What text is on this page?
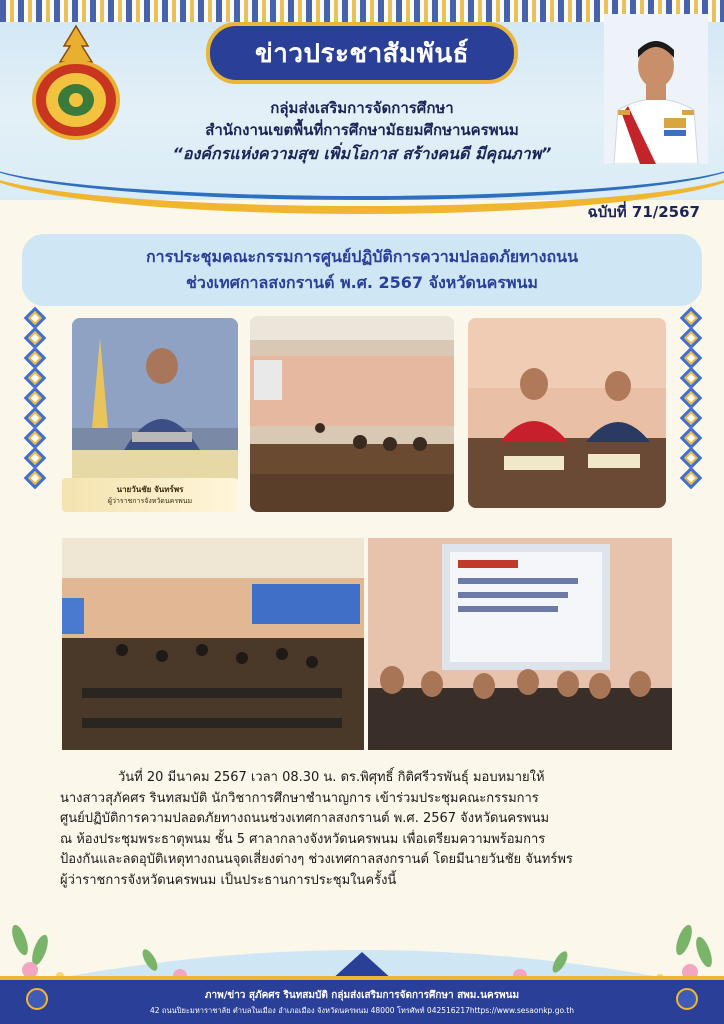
ข่าวประชาสัมพันธ์
กลุ่มส่งเสริมการจัดการศึกษา
สำนักงานเขตพื้นที่การศึกษามัธยมศึกษานครพนม
“องค์กรแห่งความสุข เพิ่มโอกาส สร้างคนดี มีคุณภาพ”

ฉบับที่ 71/2567
การประชุมคณะกรรมการศูนย์ปฏิบัติการความปลอดภัยทางถนน
ช่วงเทศกาลสงกรานต์ พ.ศ. 2567 จังหวัดนครพนม
นายวันชัย จันทร์พร
ผู้ว่าราชการจังหวัดนครพนม

วันที่ 20 มีนาคม 2567 เวลา 08.30 น. ดร.พิศุทธิ์ กิติศรีวรพันธุ์ มอบหมายให้

นางสาวสุภัคศร รินทสมบัติ นักวิชาการศึกษาชำนาญการ เข้าร่วมประชุมคณะกรรมการ

ศูนย์ปฏิบัติการความปลอดภัยทางถนนช่วงเทศกาลสงกรานต์ พ.ศ. 2567 จังหวัดนครพนม

ณ ห้องประชุมพระธาตุพนม ชั้น 5 ศาลากลางจังหวัดนครพนม เพื่อเตรียมความพร้อมการ

ป้องกันและลดอุบัติเหตุทางถนนจุดเสี่ยงต่างๆ ช่วงเทศกาลสงกรานต์ โดยมีนายวันชัย จันทร์พร

ผู้ว่าราชการจังหวัดนครพนม เป็นประธานการประชุมในครั้งนี้

ภาพ/ข่าว สุภัคศร รินทสมบัติ กลุ่มส่งเสริมการจัดการศึกษา สพม.นครพนม
42 ถนนปิยะมหาราชาลัย ตำบลในเมือง อำเภอเมือง จังหวัดนครพนม 48000 โทรศัพท์ 042516217https://www.sesaonkp.go.th
